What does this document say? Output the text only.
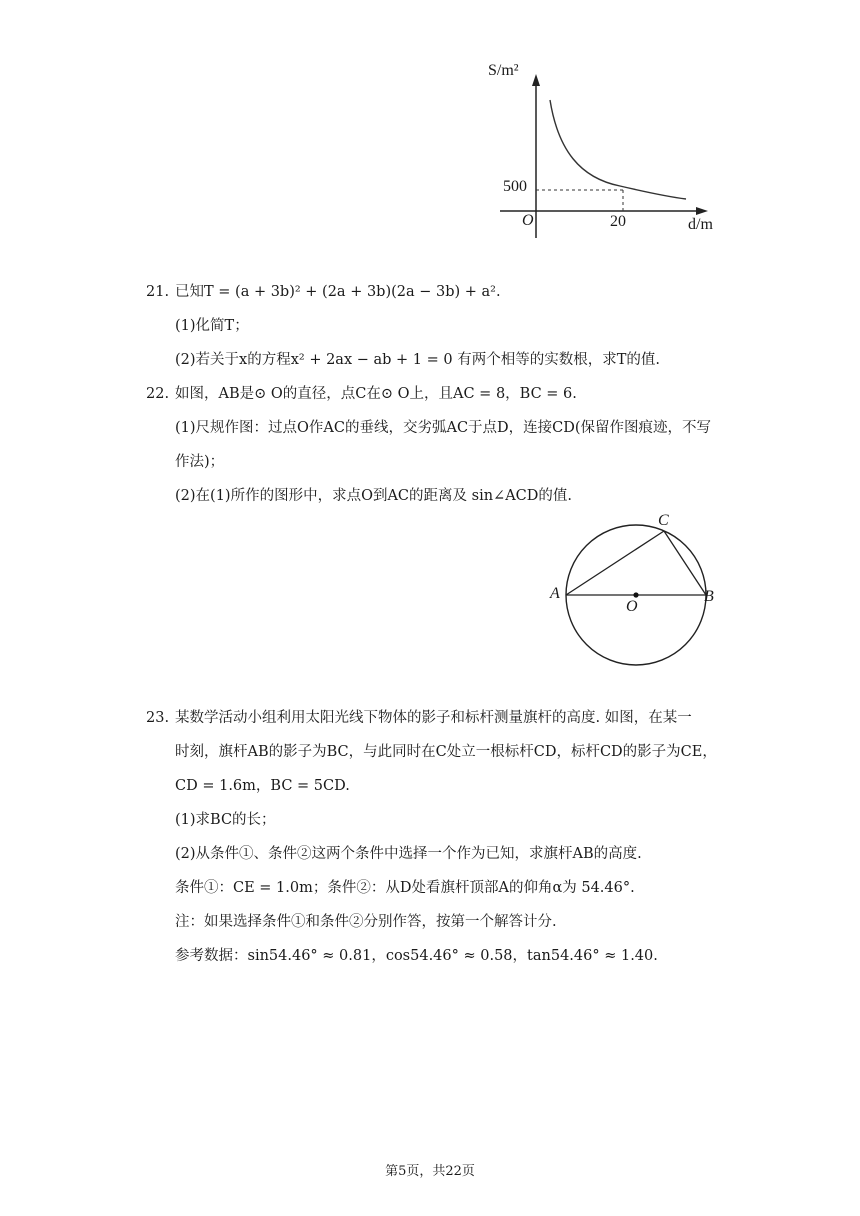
S/m²
d/m
O
500
20
21. 已知T = (a + 3b)² + (2a + 3b)(2a − 3b) + a².
(1)化简T；
(2)若关于x的方程x² + 2ax − ab + 1 = 0 有两个相等的实数根，求T的值.
22. 如图，AB是⊙ O的直径，点C在⊙ O上，且AC = 8，BC = 6.
(1)尺规作图：过点O作AC的垂线，交劣弧AC于点D，连接CD(保留作图痕迹，不写
作法)；
(2)在(1)所作的图形中，求点O到AC的距离及 sin∠ACD的值.
A	B
C
O
23. 某数学活动小组利用太阳光线下物体的影子和标杆测量旗杆的高度. 如图，在某一
时刻，旗杆AB的影子为BC，与此同时在C处立一根标杆CD，标杆CD的影子为CE，
CD = 1.6m，BC = 5CD.
(1)求BC的长；
(2)从条件①、条件②这两个条件中选择一个作为已知，求旗杆AB的高度.
条件①：CE = 1.0m；条件②：从D处看旗杆顶部A的仰角α为 54.46°.
注：如果选择条件①和条件②分别作答，按第一个解答计分.
参考数据：sin54.46° ≈ 0.81，cos54.46° ≈ 0.58，tan54.46° ≈ 1.40.
第5页，共22页
